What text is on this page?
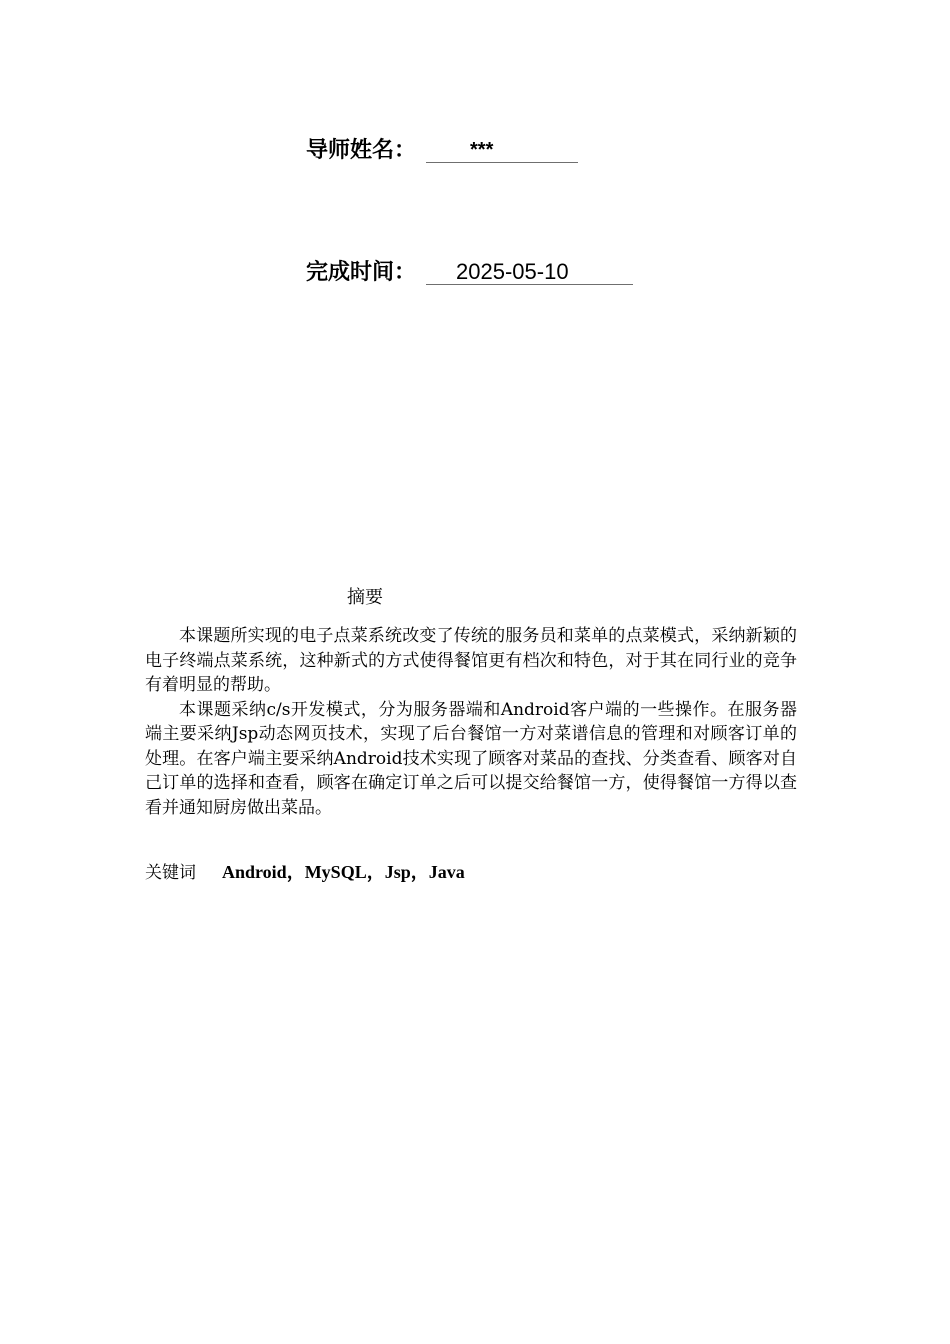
导师姓名：	***
完成时间：	2025-05-10
摘要

本课题所实现的电子点菜系统改变了传统的服务员和菜单的点菜模式，采纳新颖的电子终端点菜系统，这种新式的方式使得餐馆更有档次和特色，对于其在同行业的竞争有着明显的帮助。

本课题采纳c/s开发模式，分为服务器端和Android客户端的一些操作。在服务器端主要采纳Jsp动态网页技术，实现了后台餐馆一方对菜谱信息的管理和对顾客订单的处理。在客户端主要采纳Android技术实现了顾客对菜品的查找、分类查看、顾客对自己订单的选择和查看，顾客在确定订单之后可以提交给餐馆一方，使得餐馆一方得以查看并通知厨房做出菜品。

关键词 Android，MySQL，Jsp，Java
